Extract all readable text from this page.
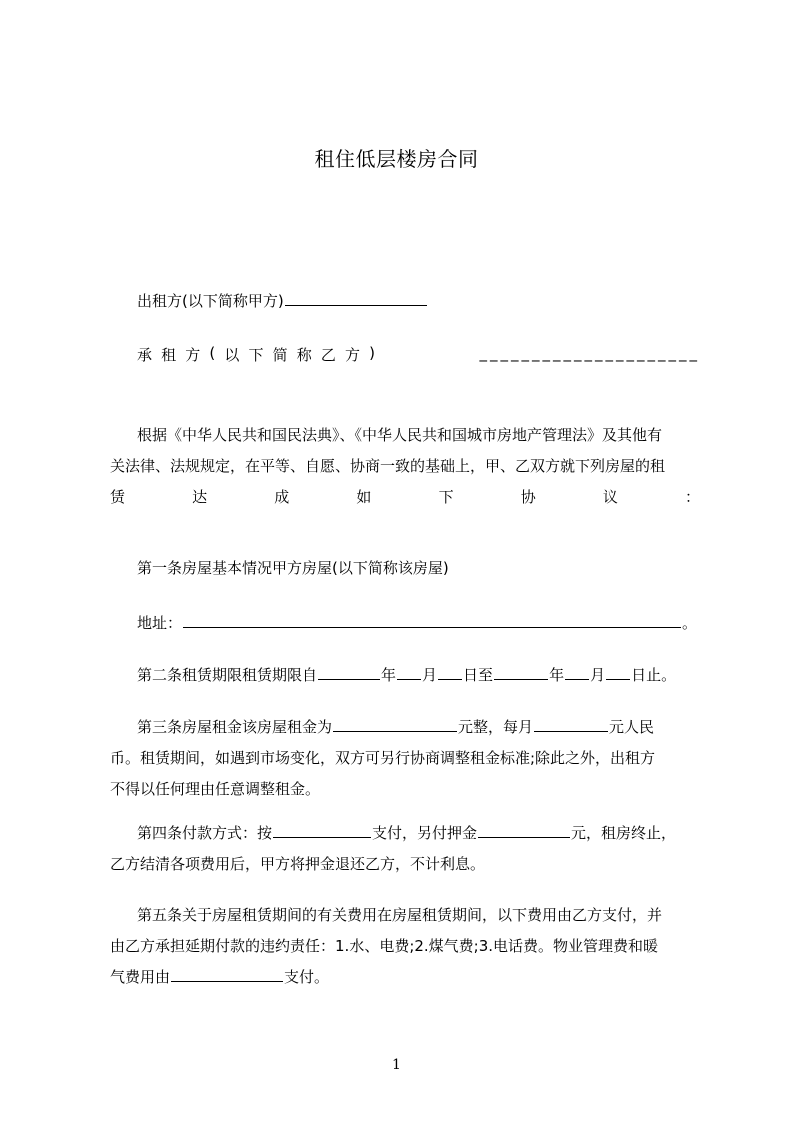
租住低层楼房合同
出租方(以下简称甲方)
承 租 方 ( 以 下 简 称 乙 方 )	_____________________
根据《中华人民共和国民法典》、《中华人民共和国城市房地产管理法》及其他有
关法律、法规规定，在平等、自愿、协商一致的基础上，甲、乙双方就下列房屋的租
赁	达	成	如	下	协	议	：
第一条房屋基本情况甲方房屋(以下简称该房屋)
地址：	。
第二条租赁期限租赁期限自	年 月 日至	年 月 日止。
第三条房屋租金该房屋租金为	元整，每月	元人民
币。租赁期间，如遇到市场变化，双方可另行协商调整租金标准;除此之外，出租方
不得以任何理由任意调整租金。
第四条付款方式：按	支付，另付押金	元，租房终止，
乙方结清各项费用后，甲方将押金退还乙方，不计利息。
第五条关于房屋租赁期间的有关费用在房屋租赁期间，以下费用由乙方支付，并
由乙方承担延期付款的违约责任：1.水、电费;2.煤气费;3.电话费。物业管理费和暖
气费用由	支付。
1
